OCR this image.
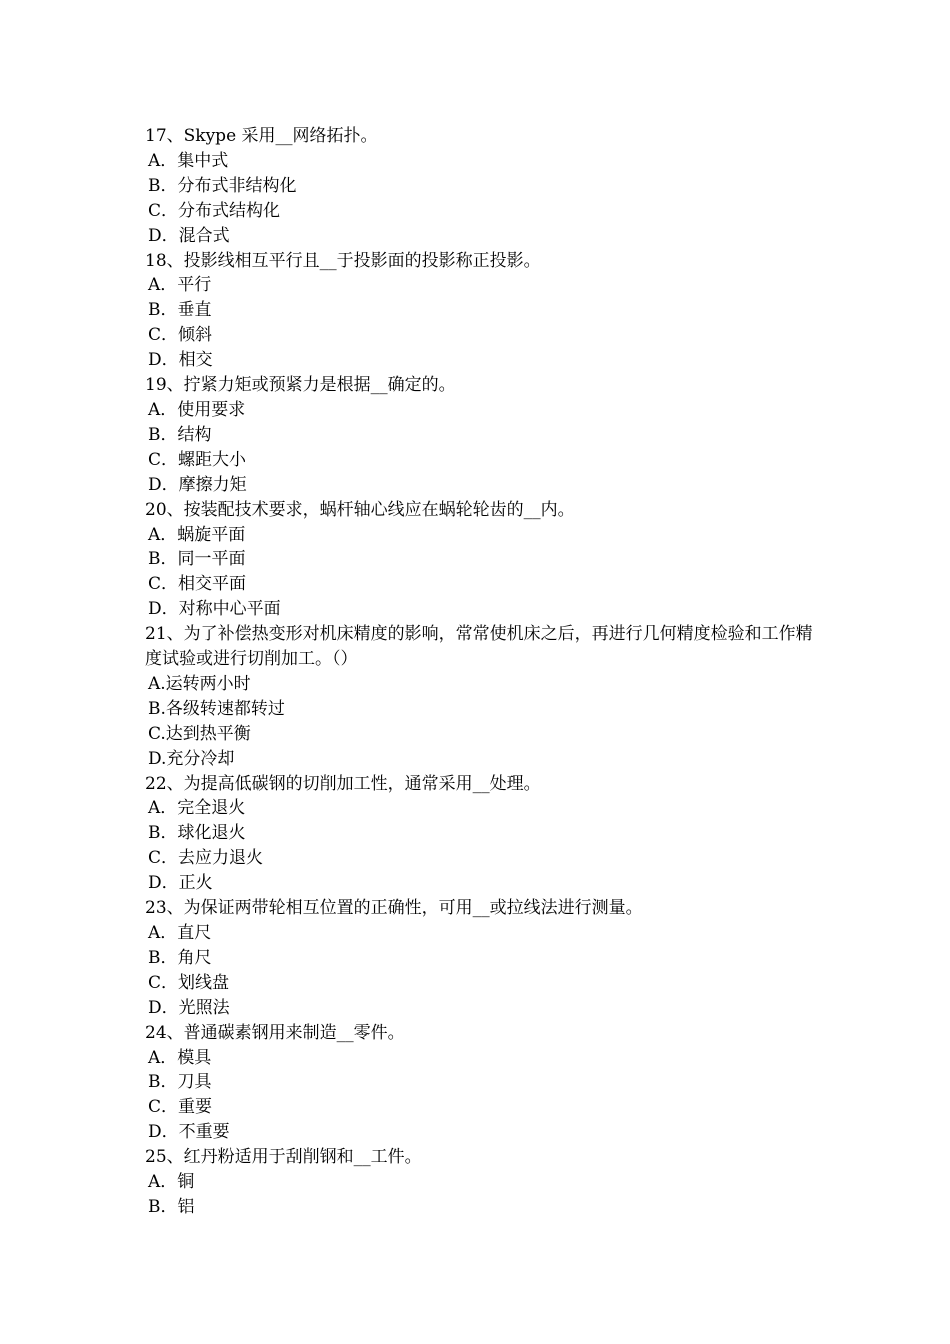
17、Skype 采用__网络拓扑。

A．集中式

B．分布式非结构化

C．分布式结构化

D．混合式

18、投影线相互平行且__于投影面的投影称正投影。

A．平行

B．垂直

C．倾斜

D．相交

19、拧紧力矩或预紧力是根据__确定的。

A．使用要求

B．结构

C．螺距大小

D．摩擦力矩

20、按装配技术要求，蜗杆轴心线应在蜗轮轮齿的__内。

A．蜗旋平面

B．同一平面

C．相交平面

D．对称中心平面

21、为了补偿热变形对机床精度的影响，常常使机床之后，再进行几何精度检验和工作精度试验或进行切削加工。（）

A.运转两小时

B.各级转速都转过

C.达到热平衡

D.充分冷却

22、为提高低碳钢的切削加工性，通常采用__处理。

A．完全退火

B．球化退火

C．去应力退火

D．正火

23、为保证两带轮相互位置的正确性，可用__或拉线法进行测量。

A．直尺

B．角尺

C．划线盘

D．光照法

24、普通碳素钢用来制造__零件。

A．模具

B．刀具

C．重要

D．不重要

25、红丹粉适用于刮削钢和__工件。

A．铜

B．铝
